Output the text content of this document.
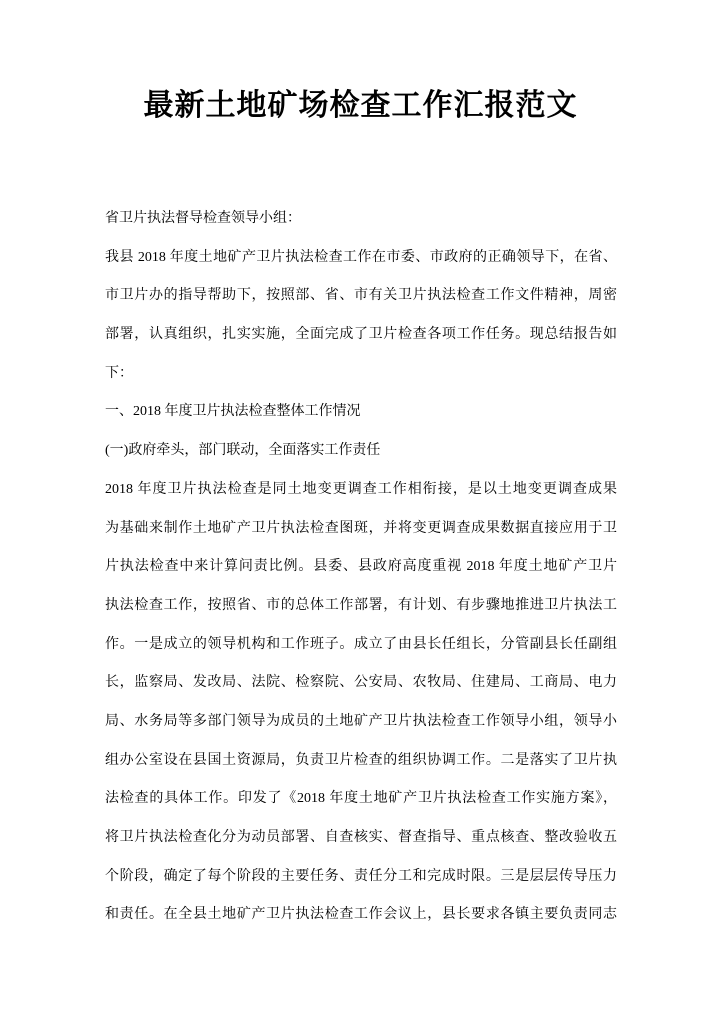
最新土地矿场检查工作汇报范文
省卫片执法督导检查领导小组：
我县 2018 年度土地矿产卫片执法检查工作在市委、市政府的正确领导下，在省、
市卫片办的指导帮助下，按照部、省、市有关卫片执法检查工作文件精神，周密
部署，认真组织，扎实实施，全面完成了卫片检查各项工作任务。现总结报告如
下：
一、2018 年度卫片执法检查整体工作情况
(一)政府牵头，部门联动，全面落实工作责任
2018 年度卫片执法检查是同土地变更调查工作相衔接，是以土地变更调查成果
为基础来制作土地矿产卫片执法检查图斑，并将变更调查成果数据直接应用于卫
片执法检查中来计算问责比例。县委、县政府高度重视 2018 年度土地矿产卫片
执法检查工作，按照省、市的总体工作部署，有计划、有步骤地推进卫片执法工
作。一是成立的领导机构和工作班子。成立了由县长任组长，分管副县长任副组
长，监察局、发改局、法院、检察院、公安局、农牧局、住建局、工商局、电力
局、水务局等多部门领导为成员的土地矿产卫片执法检查工作领导小组，领导小
组办公室设在县国土资源局，负责卫片检查的组织协调工作。二是落实了卫片执
法检查的具体工作。印发了《2018 年度土地矿产卫片执法检查工作实施方案》，
将卫片执法检查化分为动员部署、自查核实、督查指导、重点核查、整改验收五
个阶段，确定了每个阶段的主要任务、责任分工和完成时限。三是层层传导压力
和责任。在全县土地矿产卫片执法检查工作会议上，县长要求各镇主要负责同志
